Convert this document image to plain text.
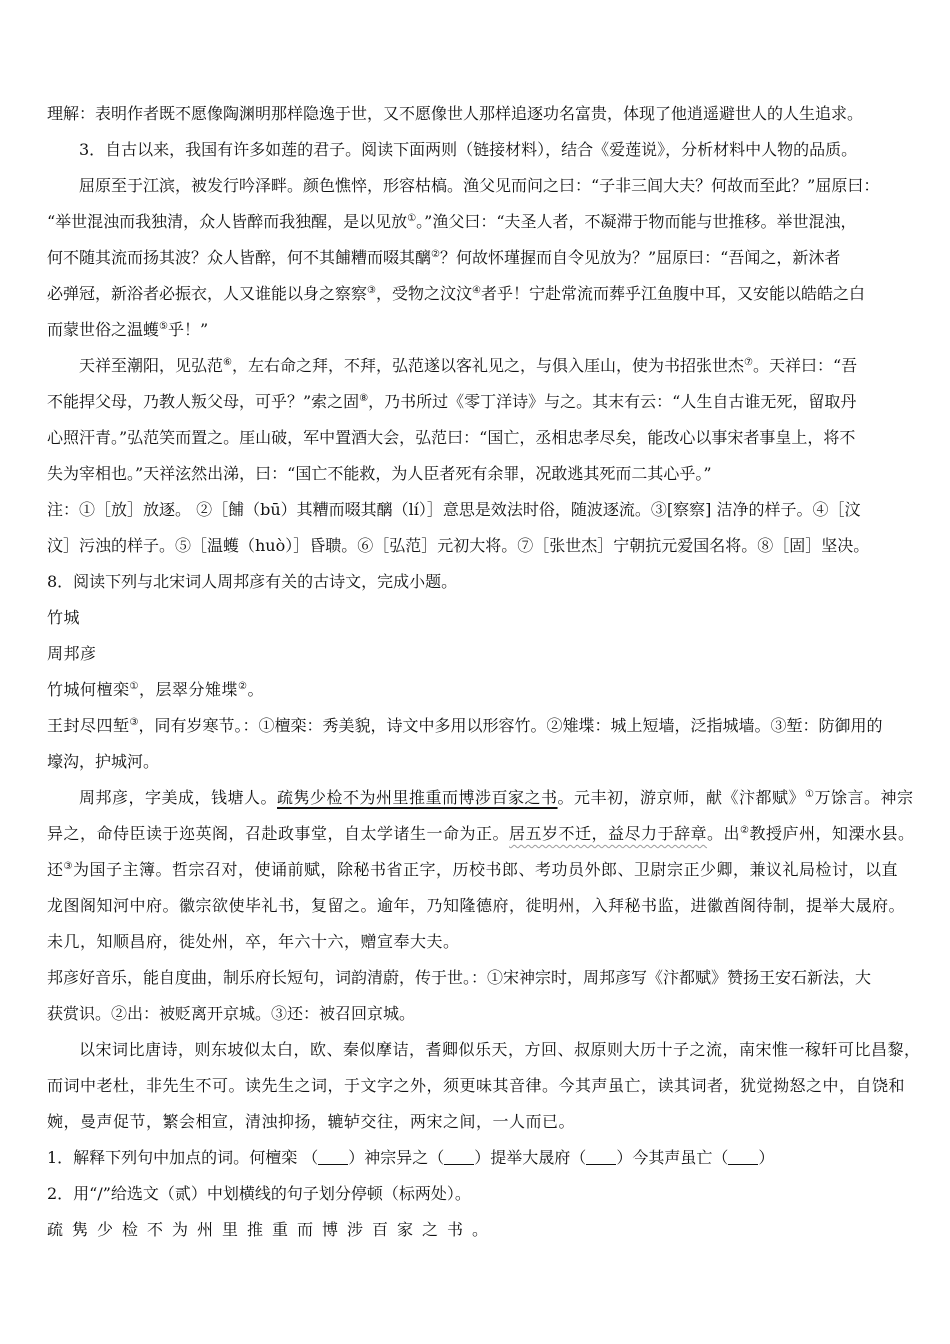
理解：表明作者既不愿像陶渊明那样隐逸于世，又不愿像世人那样追逐功名富贵，体现了他逍遥避世人的人生追求。
3．自古以来，我国有许多如莲的君子。阅读下面两则（链接材料），结合《爱莲说》，分析材料中人物的品质。
屈原至于江滨，被发行吟泽畔。颜色憔悴，形容枯槁。渔父见而问之曰：“子非三闾大夫？何故而至此？”屈原曰：
“举世混浊而我独清，众人皆醉而我独醒，是以见放①。”渔父曰：“夫圣人者，不凝滞于物而能与世推移。举世混浊，
何不随其流而扬其波？众人皆醉，何不其餔糟而啜其醨②？何故怀瑾握而自令见放为？”屈原曰：“吾闻之，新沐者
必弹冠，新浴者必振衣，人又谁能以身之察察③，受物之汶汶④者乎！宁赴常流而葬乎江鱼腹中耳，又安能以皓皓之白
而蒙世俗之温蠖⑤乎！”
天祥至潮阳，见弘范⑥，左右命之拜，不拜，弘范遂以客礼见之，与俱入厓山，使为书招张世杰⑦。天祥曰：“吾
不能捍父母，乃教人叛父母，可乎？”索之固⑧，乃书所过《零丁洋诗》与之。其末有云：“人生自古谁无死，留取丹
心照汗青。”弘范笑而置之。厓山破，军中置酒大会，弘范曰：“国亡，丞相忠孝尽矣，能改心以事宋者事皇上，将不
失为宰相也。”天祥泫然出涕，曰：“国亡不能救，为人臣者死有余罪，况敢逃其死而二其心乎。”
注：①［放］放逐。 ②［餔（bū）其糟而啜其醨（lí）］意思是效法时俗，随波逐流。③[察察] 洁净的样子。④［汶
汶］污浊的样子。⑤［温蠖（huò）］昏聩。⑥［弘范］元初大将。⑦［张世杰］宁朝抗元爱国名将。⑧［固］坚决。
8．阅读下列与北宋词人周邦彦有关的古诗文，完成小题。
竹城
周邦彦
竹城何檀栾①，层翠分雉堞②。
王封尽四堑③，同有岁寒节。：①檀栾：秀美貌，诗文中多用以形容竹。②雉堞：城上短墙，泛指城墙。③堑：防御用的
壕沟，护城河。
周邦彦，字美成，钱塘人。疏隽少检不为州里推重而博涉百家之书。元丰初，游京师，献《汴都赋》①万馀言。神宗
异之，命侍臣读于迩英阁，召赴政事堂，自太学诸生一命为正。居五岁不迁，益尽力于辞章。出②教授庐州，知溧水县。
还③为国子主簿。哲宗召对，使诵前赋，除秘书省正字，历校书郎、考功员外郎、卫尉宗正少卿，兼议礼局检讨，以直
龙图阁知河中府。徽宗欲使毕礼书，复留之。逾年，乃知隆德府，徙明州，入拜秘书监，进徽酋阁待制，提举大晟府。
未几，知顺昌府，徙处州，卒，年六十六，赠宣奉大夫。
邦彦好音乐，能自度曲，制乐府长短句，词韵清蔚，传于世。：①宋神宗时，周邦彦写《汴都赋》赞扬王安石新法，大
获赏识。②出：被贬离开京城。③还：被召回京城。
以宋词比唐诗，则东坡似太白，欧、秦似摩诘，耆卿似乐天，方回、叔原则大历十子之流，南宋惟一稼轩可比昌黎，
而词中老杜，非先生不可。读先生之词，于文字之外，须更味其音律。今其声虽亡，读其词者，犹觉拗怒之中，自饶和
婉，曼声促节，繁会相宣，清浊抑扬，辘轳交往，两宋之间，一人而已。
1．解释下列句中加点的词。何檀栾 （ ）神宗异之（ ）提举大晟府（ ）今其声虽亡（ ）
2．用“/”给选文（贰）中划横线的句子划分停顿（标两处）。
疏隽少检不为州里推重而博涉百家之书。
